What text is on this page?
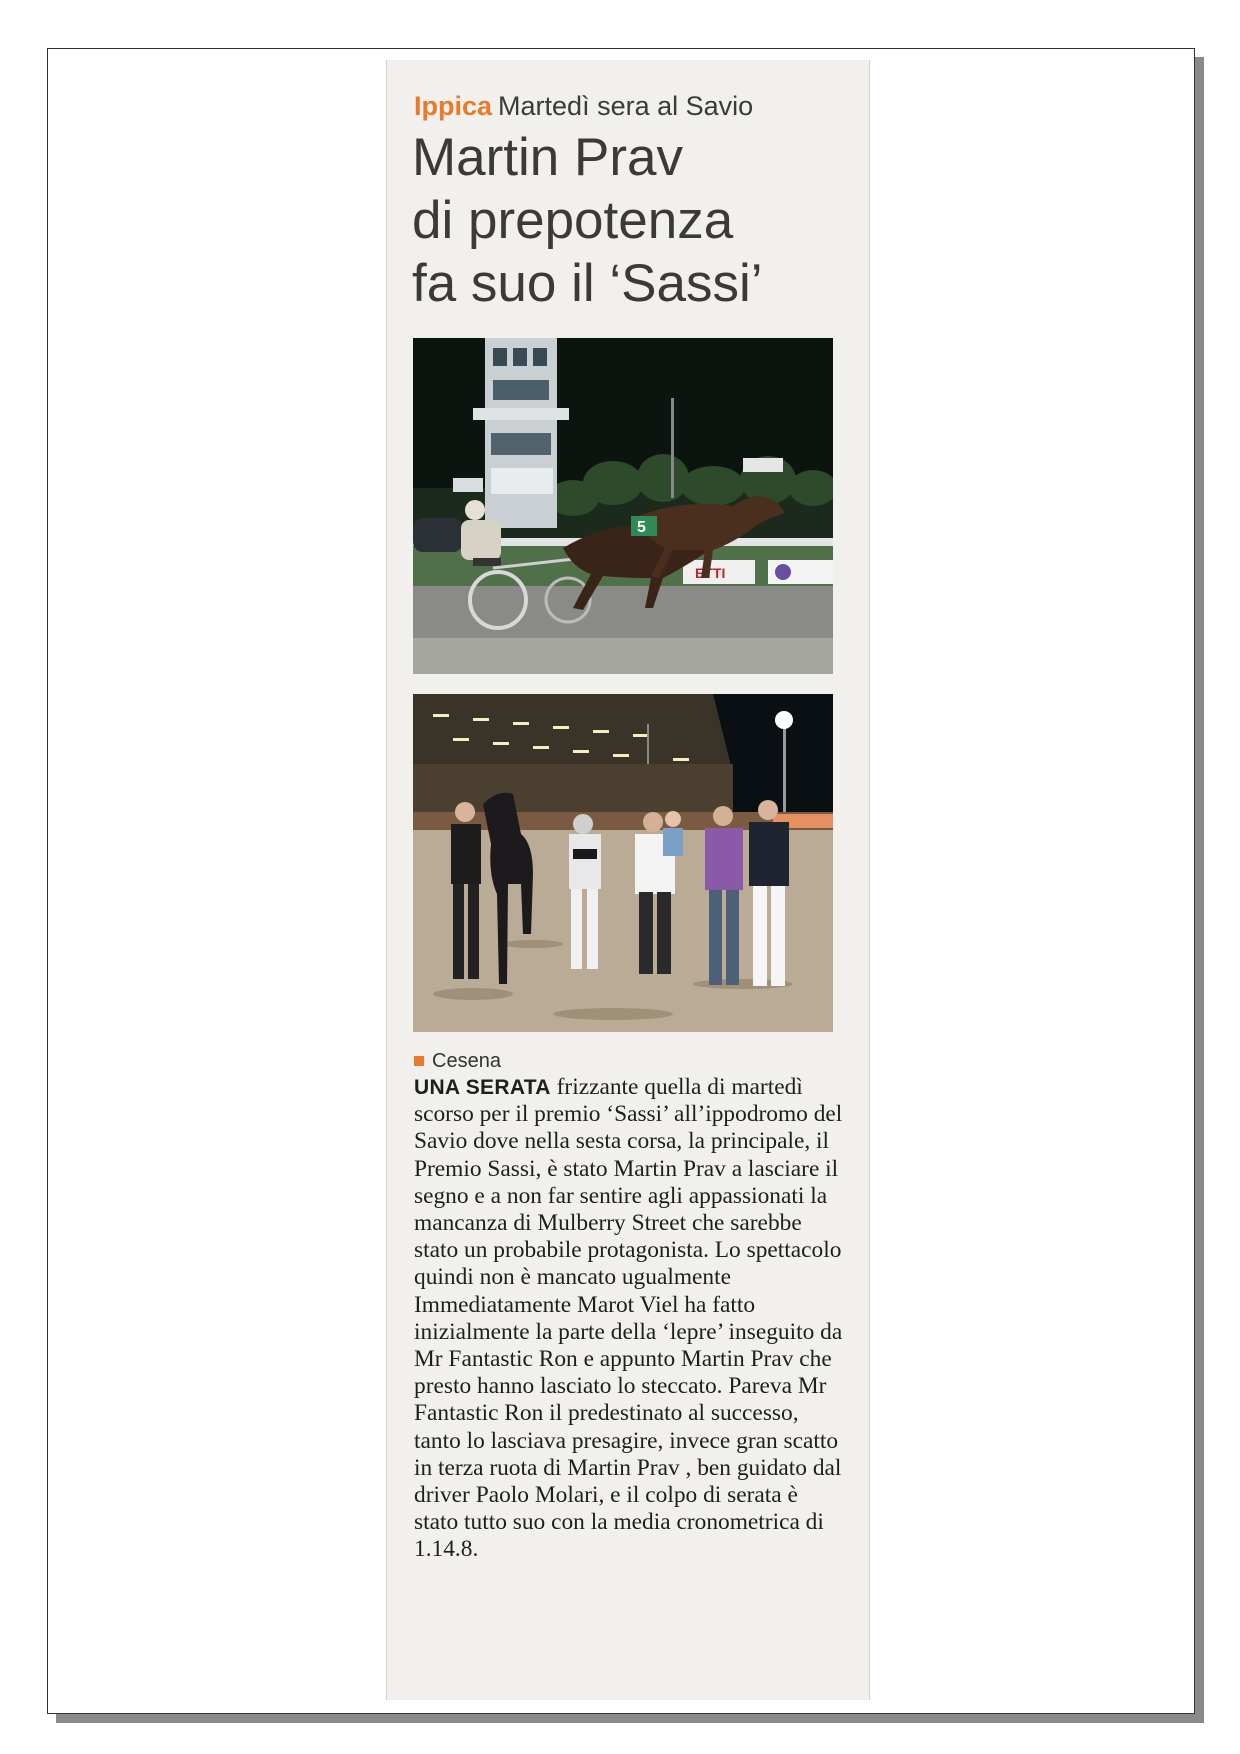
Ippica Martedì sera al Savio
Martin Prav
di prepotenza
fa suo il ‘Sassi’
ETTI
5
Cesena

UNA SERATA frizzante quella di martedì scorso per il premio ‘Sassi’ all’ippodromo del Savio dove nella sesta corsa, la principale, il Premio Sassi, è stato Martin Prav a lasciare il segno e a non far sentire agli appassionati la mancanza di Mulberry Street che sarebbe stato un probabile protagonista. Lo spettacolo quindi non è mancato ugualmente Immediatamente Marot Viel ha fatto inizialmente la parte della ‘lepre’ inseguito da Mr Fantastic Ron e appunto Martin Prav che presto hanno lasciato lo steccato. Pareva Mr Fantastic Ron il predestinato al successo, tanto lo lasciava presagire, invece gran scatto in terza ruota di Martin Prav , ben guidato dal driver Paolo Molari, e il colpo di serata è stato tutto suo con la media cronometrica di 1.14.8.
